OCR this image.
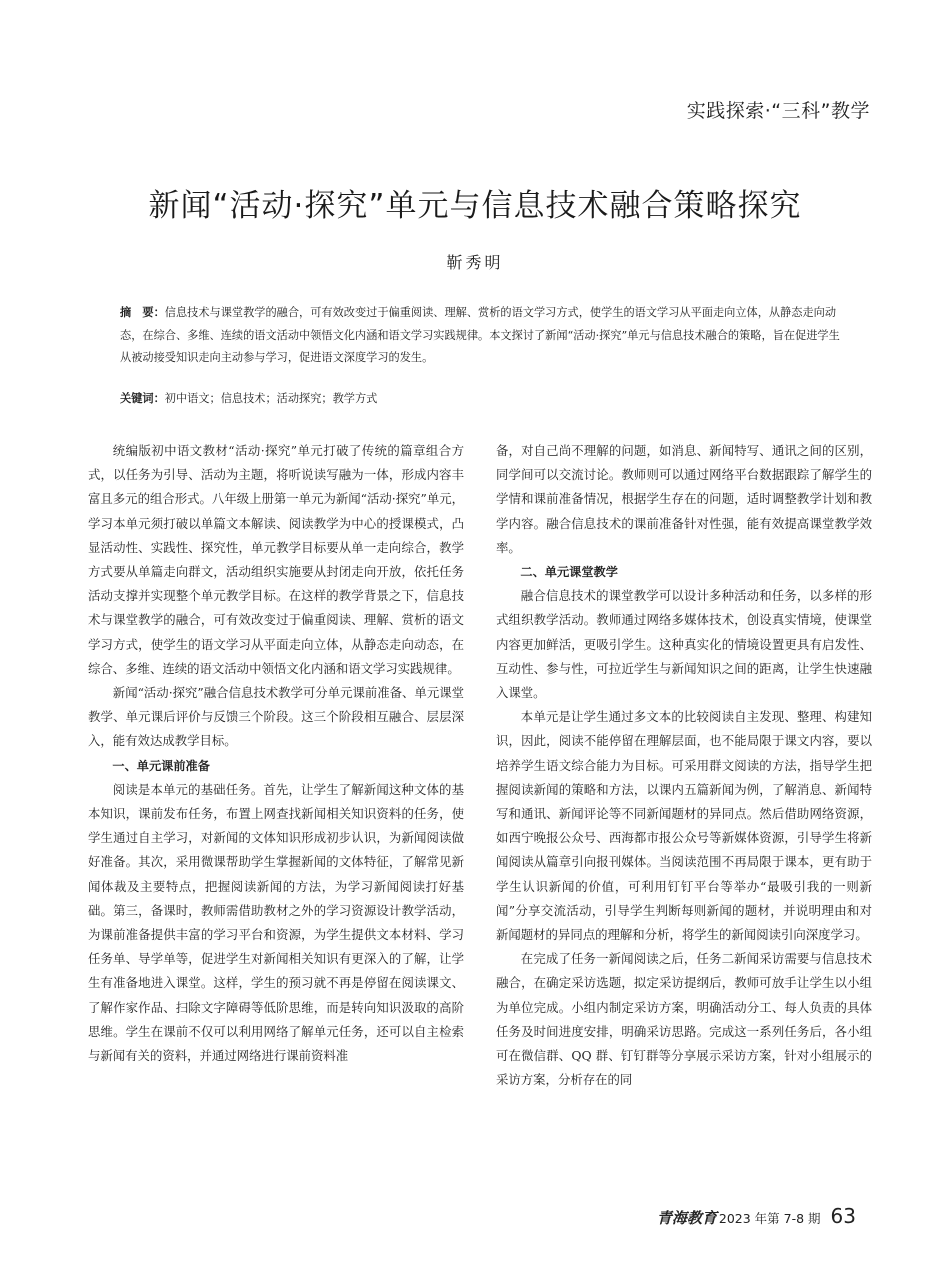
实践探索·“三科”教学
新闻“活动·探究”单元与信息技术融合策略探究
靳秀明
摘　要：信息技术与课堂教学的融合，可有效改变过于偏重阅读、理解、赏析的语文学习方式，使学生的语文学习从平面走向立体，从静态走向动态，在综合、多维、连续的语文活动中领悟文化内涵和语文学习实践规律。本文探讨了新闻“活动·探究”单元与信息技术融合的策略，旨在促进学生从被动接受知识走向主动参与学习，促进语文深度学习的发生。
关键词：初中语文；信息技术；活动探究；教学方式

统编版初中语文教材“活动·探究”单元打破了传统的篇章组合方式，以任务为引导、活动为主题，将听说读写融为一体，形成内容丰富且多元的组合形式。八年级上册第一单元为新闻“活动·探究”单元，学习本单元须打破以单篇文本解读、阅读教学为中心的授课模式，凸显活动性、实践性、探究性，单元教学目标要从单一走向综合，教学方式要从单篇走向群文，活动组织实施要从封闭走向开放，依托任务活动支撑并实现整个单元教学目标。在这样的教学背景之下，信息技术与课堂教学的融合，可有效改变过于偏重阅读、理解、赏析的语文学习方式，使学生的语文学习从平面走向立体，从静态走向动态，在综合、多维、连续的语文活动中领悟文化内涵和语文学习实践规律。

新闻“活动·探究”融合信息技术教学可分单元课前准备、单元课堂教学、单元课后评价与反馈三个阶段。这三个阶段相互融合、层层深入，能有效达成教学目标。

一、单元课前准备

阅读是本单元的基础任务。首先，让学生了解新闻这种文体的基本知识，课前发布任务，布置上网查找新闻相关知识资料的任务，使学生通过自主学习，对新闻的文体知识形成初步认识，为新闻阅读做好准备。其次，采用微课帮助学生掌握新闻的文体特征，了解常见新闻体裁及主要特点，把握阅读新闻的方法，为学习新闻阅读打好基础。第三，备课时，教师需借助教材之外的学习资源设计教学活动，为课前准备提供丰富的学习平台和资源，为学生提供文本材料、学习任务单、导学单等，促进学生对新闻相关知识有更深入的了解，让学生有准备地进入课堂。这样，学生的预习就不再是停留在阅读课文、了解作家作品、扫除文字障碍等低阶思维，而是转向知识汲取的高阶思维。学生在课前不仅可以利用网络了解单元任务，还可以自主检索与新闻有关的资料，并通过网络进行课前资料准

备，对自己尚不理解的问题，如消息、新闻特写、通讯之间的区别，同学间可以交流讨论。教师则可以通过网络平台数据跟踪了解学生的学情和课前准备情况，根据学生存在的问题，适时调整教学计划和教学内容。融合信息技术的课前准备针对性强，能有效提高课堂教学效率。

二、单元课堂教学

融合信息技术的课堂教学可以设计多种活动和任务，以多样的形式组织教学活动。教师通过网络多媒体技术，创设真实情境，使课堂内容更加鲜活，更吸引学生。这种真实化的情境设置更具有启发性、互动性、参与性，可拉近学生与新闻知识之间的距离，让学生快速融入课堂。

本单元是让学生通过多文本的比较阅读自主发现、整理、构建知识，因此，阅读不能停留在理解层面，也不能局限于课文内容，要以培养学生语文综合能力为目标。可采用群文阅读的方法，指导学生把握阅读新闻的策略和方法，以课内五篇新闻为例，了解消息、新闻特写和通讯、新闻评论等不同新闻题材的异同点。然后借助网络资源，如西宁晚报公众号、西海都市报公众号等新媒体资源，引导学生将新闻阅读从篇章引向报刊媒体。当阅读范围不再局限于课本，更有助于学生认识新闻的价值，可利用钉钉平台等举办“最吸引我的一则新闻”分享交流活动，引导学生判断每则新闻的题材，并说明理由和对新闻题材的异同点的理解和分析，将学生的新闻阅读引向深度学习。

在完成了任务一新闻阅读之后，任务二新闻采访需要与信息技术融合，在确定采访选题，拟定采访提纲后，教师可放手让学生以小组为单位完成。小组内制定采访方案，明确活动分工、每人负责的具体任务及时间进度安排，明确采访思路。完成这一系列任务后，各小组可在微信群、QQ 群、钉钉群等分享展示采访方案，针对小组展示的采访方案，分析存在的同

青海教育 2023 年第 7-8 期 63
